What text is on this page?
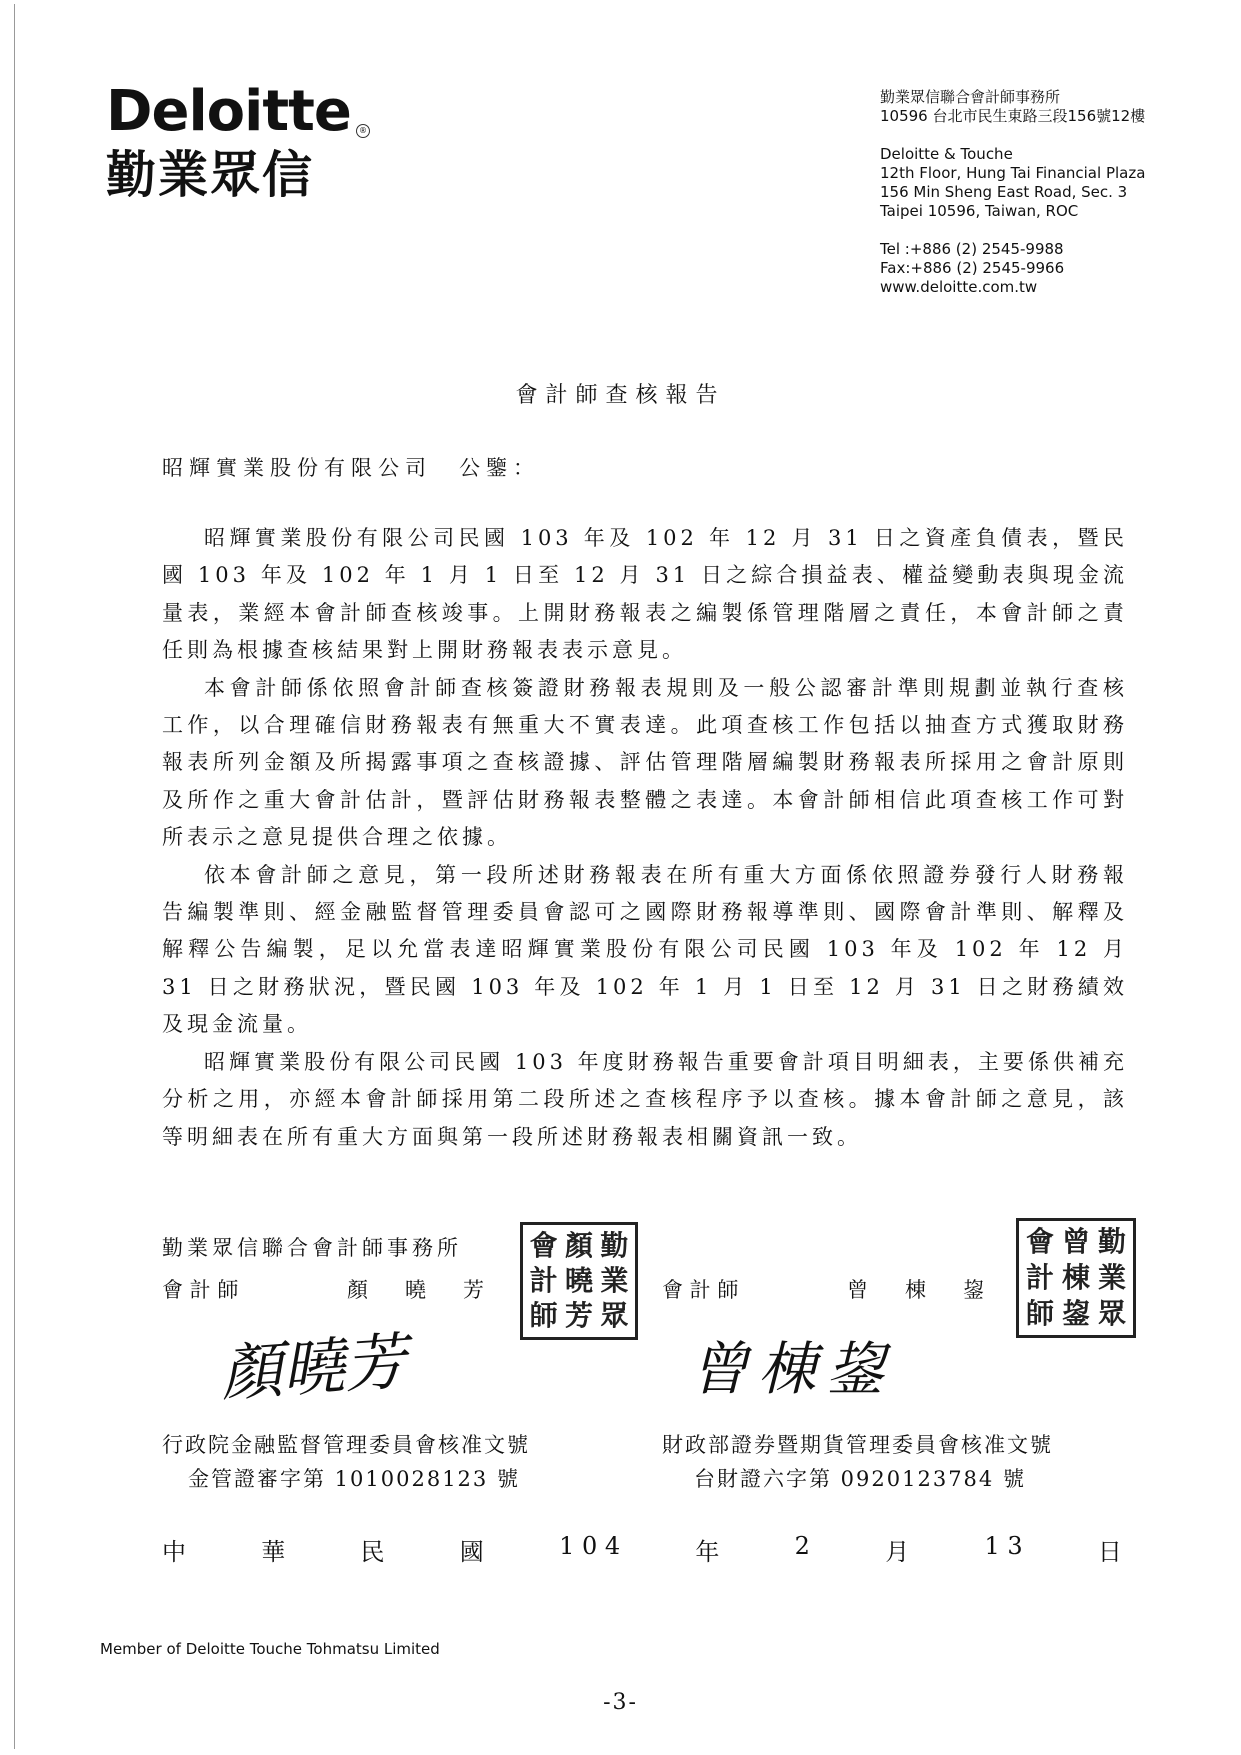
Deloitte	®
勤業眾信
勤業眾信聯合會計師事務所
10596 台北市民生東路三段156號12樓
Deloitte & Touche
12th Floor, Hung Tai Financial Plaza
156 Min Sheng East Road, Sec. 3
Taipei 10596, Taiwan, ROC
Tel :+886 (2) 2545-9988
Fax:+886 (2) 2545-9966
www.deloitte.com.tw
會計師查核報告
昭輝實業股份有限公司　公鑒：

昭輝實業股份有限公司民國 103 年及 102 年 12 月 31 日之資產負債表，暨民國 103 年及 102 年 1 月 1 日至 12 月 31 日之綜合損益表、權益變動表與現金流量表，業經本會計師查核竣事。上開財務報表之編製係管理階層之責任，本會計師之責任則為根據查核結果對上開財務報表表示意見。

本會計師係依照會計師查核簽證財務報表規則及一般公認審計準則規劃並執行查核工作，以合理確信財務報表有無重大不實表達。此項查核工作包括以抽查方式獲取財務報表所列金額及所揭露事項之查核證據、評估管理階層編製財務報表所採用之會計原則及所作之重大會計估計，暨評估財務報表整體之表達。本會計師相信此項查核工作可對所表示之意見提供合理之依據。

依本會計師之意見，第一段所述財務報表在所有重大方面係依照證券發行人財務報告編製準則、經金融監督管理委員會認可之國際財務報導準則、國際會計準則、解釋及解釋公告編製，足以允當表達昭輝實業股份有限公司民國 103 年及 102 年 12 月 31 日之財務狀況，暨民國 103 年及 102 年 1 月 1 日至 12 月 31 日之財務績效及現金流量。

昭輝實業股份有限公司民國 103 年度財務報告重要會計項目明細表，主要係供補充分析之用，亦經本會計師採用第二段所述之查核程序予以查核。據本會計師之意見，該等明細表在所有重大方面與第一段所述財務報表相關資訊一致。

勤業眾信聯合會計師事務所
會 計 師	顏　曉　芳	會 計 師	曾　棟　鋆
會 顏 勤
計 曉 業
師 芳 眾
會 曾 勤
計 棟 業
師 鋆 眾
顏曉芳	曾棟鋆
行政院金融監督管理委員會核准文號
金管證審字第 1010028123 號
財政部證券暨期貨管理委員會核准文號
台財證六字第 0920123784 號
中	華	民	國	1 0 4	年	2	月	1 3	日
Member of Deloitte Touche Tohmatsu Limited
-3-
